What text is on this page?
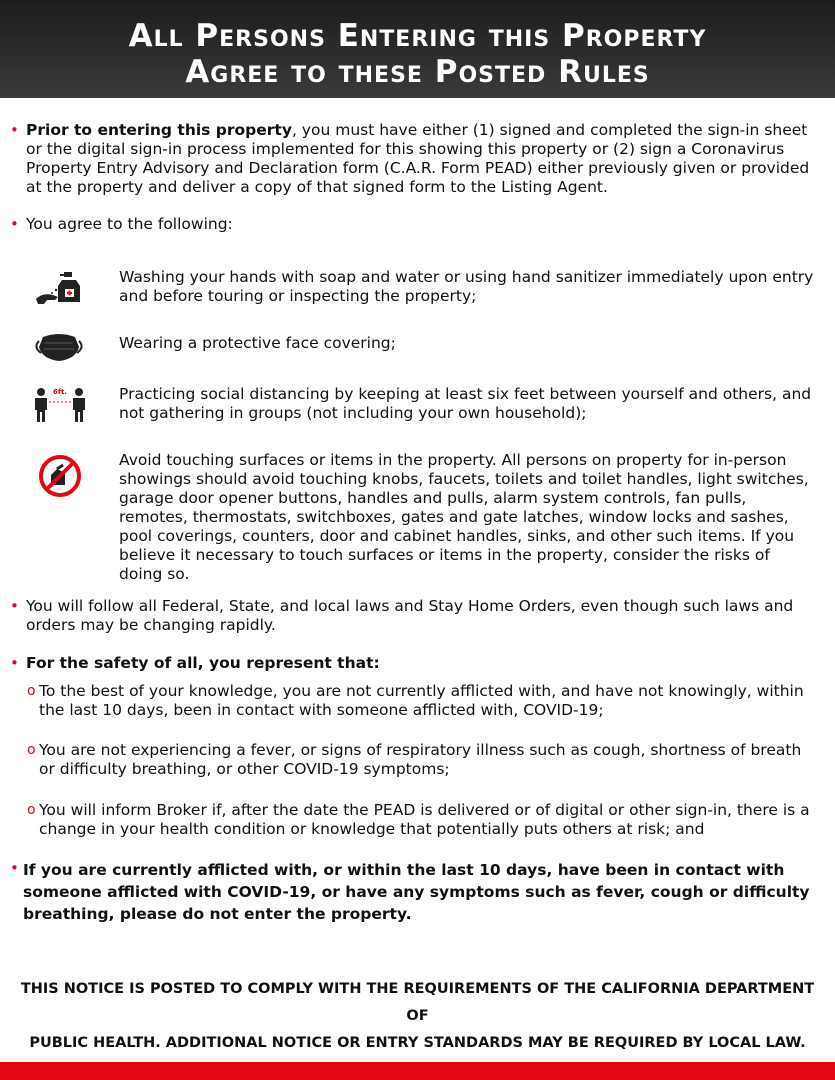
All Persons Entering this Property
Agree to these Posted Rules
• Prior to entering this property, you must have either (1) signed and completed the sign-in sheet or the digital sign-in process implemented for this showing this property or (2) sign a Coronavirus Property Entry Advisory and Declaration form (C.A.R. Form PEAD) either previously given or provided at the property and deliver a copy of that signed form to the Listing Agent.
• You agree to the following:
6ft.
Washing your hands with soap and water or using hand sanitizer immediately upon entry and before touring or inspecting the property;
Wearing a protective face covering;
Practicing social distancing by keeping at least six feet between yourself and others, and not gathering in groups (not including your own household);
Avoid touching surfaces or items in the property. All persons on property for in-person showings should avoid touching knobs, faucets, toilets and toilet handles, light switches, garage door opener buttons, handles and pulls, alarm system controls, fan pulls, remotes, thermostats, switchboxes, gates and gate latches, window locks and sashes, pool coverings, counters, door and cabinet handles, sinks, and other such items. If you believe it necessary to touch surfaces or items in the property, consider the risks of doing so.
• You will follow all Federal, State, and local laws and Stay Home Orders, even though such laws and orders may be changing rapidly.
• For the safety of all, you represent that:
o To the best of your knowledge, you are not currently afflicted with, and have not knowingly, within the last 10 days, been in contact with someone afflicted with, COVID-19;
o You are not experiencing a fever, or signs of respiratory illness such as cough, shortness of breath or difficulty breathing, or other COVID-19 symptoms;
o You will inform Broker if, after the date the PEAD is delivered or of digital or other sign-in, there is a change in your health condition or knowledge that potentially puts others at risk; and
• If you are currently afflicted with, or within the last 10 days, have been in contact with someone afflicted with COVID-19, or have any symptoms such as fever, cough or difficulty breathing, please do not enter the property.
THIS NOTICE IS POSTED TO COMPLY WITH THE REQUIREMENTS OF THE CALIFORNIA DEPARTMENT OF
PUBLIC HEALTH. ADDITIONAL NOTICE OR ENTRY STANDARDS MAY BE REQUIRED BY LOCAL LAW.
